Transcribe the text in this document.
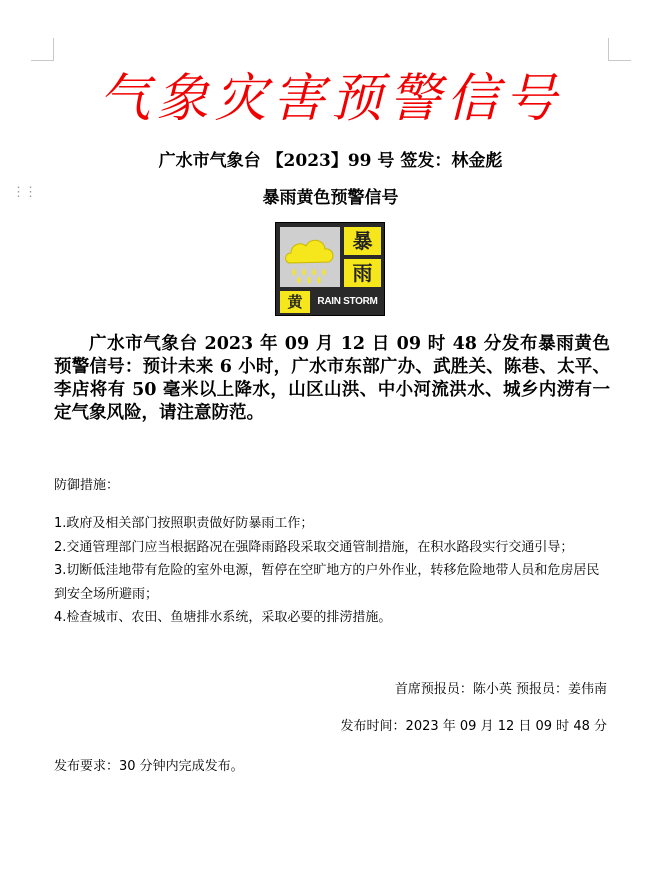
⋮⋮
气象灾害预警信号
广水市气象台 【2023】99 号 签发：林金彪
暴雨黄色预警信号
暴
雨
黄	RAIN STORM
广水市气象台 2023 年 09 月 12 日 09 时 48 分发布暴雨黄色预警信号：预计未来 6 小时，广水市东部广办、武胜关、陈巷、太平、李店将有 50 毫米以上降水，山区山洪、中小河流洪水、城乡内涝有一定气象风险，请注意防范。
防御措施：
1.政府及相关部门按照职责做好防暴雨工作；
2.交通管理部门应当根据路况在强降雨路段采取交通管制措施，在积水路段实行交通引导；
3.切断低洼地带有危险的室外电源，暂停在空旷地方的户外作业，转移危险地带人员和危房居民到安全场所避雨；
4.检查城市、农田、鱼塘排水系统，采取必要的排涝措施。
首席预报员：陈小英 预报员：姜伟南
发布时间：2023 年 09 月 12 日 09 时 48 分
发布要求：30 分钟内完成发布。
